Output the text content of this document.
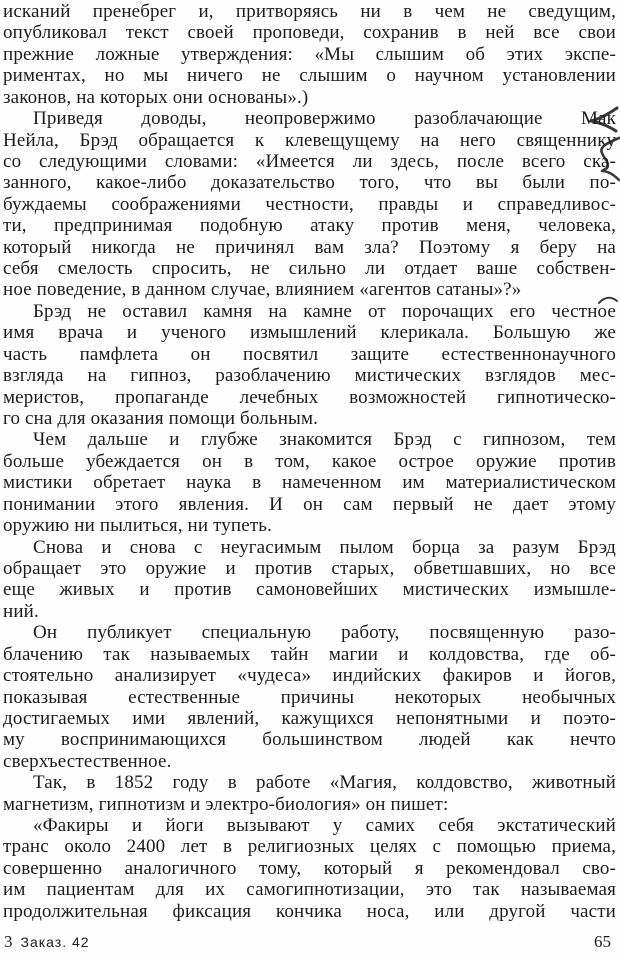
исканий пренебрег и, притворяясь ни в чем не сведущим,
опубликовал текст своей проповеди, сохранив в ней все свои
прежние ложные утверждения: «Мы слышим об этих экспе-
риментах, но мы ничего не слышим о научном установлении
законов, на которых они основаны».)
Приведя доводы, неопровержимо разоблачающие Мак
Нейла, Брэд обращается к клевещущему на него священнику
со следующими словами: «Имеется ли здесь, после всего ска-
занного, какое-либо доказательство того, что вы были по-
буждаемы соображениями честности, правды и справедливос-
ти, предпринимая подобную атаку против меня, человека,
который никогда не причинял вам зла? Поэтому я беру на
себя смелость спросить, не сильно ли отдает ваше собствен-
ное поведение, в данном случае, влиянием «агентов сатаны»?»
Брэд не оставил камня на камне от порочащих его честное
имя врача и ученого измышлений клерикала. Большую же
часть памфлета он посвятил защите естественнонаучного
взгляда на гипноз, разоблачению мистических взглядов мес-
меристов, пропаганде лечебных возможностей гипнотическо-
го сна для оказания помощи больным.
Чем дальше и глубже знакомится Брэд с гипнозом, тем
больше убеждается он в том, какое острое оружие против
мистики обретает наука в намеченном им материалистическом
понимании этого явления. И он сам первый не дает этому
оружию ни пылиться, ни тупеть.
Снова и снова с неугасимым пылом борца за разум Брэд
обращает это оружие и против старых, обветшавших, но все
еще живых и против самоновейших мистических измышле-
ний.
Он публикует специальную работу, посвященную разо-
блачению так называемых тайн магии и колдовства, где об-
стоятельно анализирует «чудеса» индийских факиров и йогов,
показывая естественные причины некоторых необычных
достигаемых ими явлений, кажущихся непонятными и поэто-
му воспринимающихся большинством людей как нечто
сверхъестественное.
Так, в 1852 году в работе «Магия, колдовство, животный
магнетизм, гипнотизм и электро-биология» он пишет:
«Факиры и йоги вызывают у самих себя экстатический
транс около 2400 лет в религиозных целях с помощью приема,
совершенно аналогичного тому, который я рекомендовал сво-
им пациентам для их самогипнотизации, это так называемая
продолжительная фиксация кончика носа, или другой части
3 Заказ. 42	65
